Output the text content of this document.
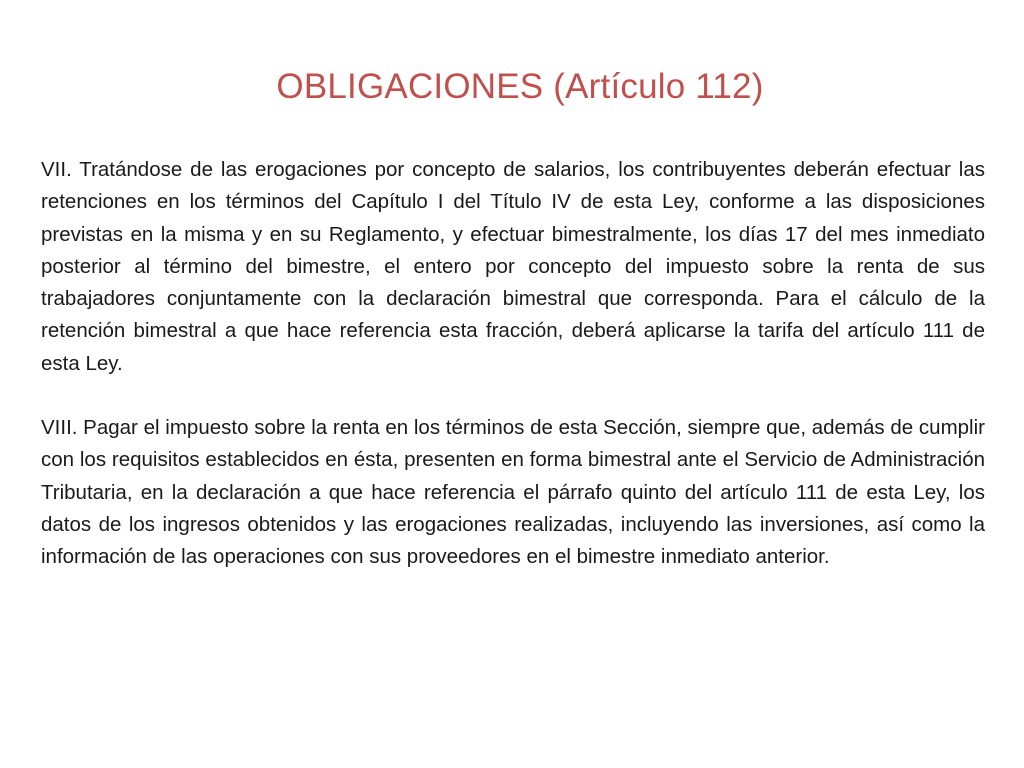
OBLIGACIONES (Artículo 112)

VII. Tratándose de las erogaciones por concepto de salarios, los contribuyentes deberán efectuar las retenciones en los términos del Capítulo I del Título IV de esta Ley, conforme a las disposiciones previstas en la misma y en su Reglamento, y efectuar bimestralmente, los días 17 del mes inmediato posterior al término del bimestre, el entero por concepto del impuesto sobre la renta de sus trabajadores conjuntamente con la declaración bimestral que corresponda. Para el cálculo de la retención bimestral a que hace referencia esta fracción, deberá aplicarse la tarifa del artículo 111 de esta Ley.

VIII. Pagar el impuesto sobre la renta en los términos de esta Sección, siempre que, además de cumplir con los requisitos establecidos en ésta, presenten en forma bimestral ante el Servicio de Administración Tributaria, en la declaración a que hace referencia el párrafo quinto del artículo 111 de esta Ley, los datos de los ingresos obtenidos y las erogaciones realizadas, incluyendo las inversiones, así como la información de las operaciones con sus proveedores en el bimestre inmediato anterior.
